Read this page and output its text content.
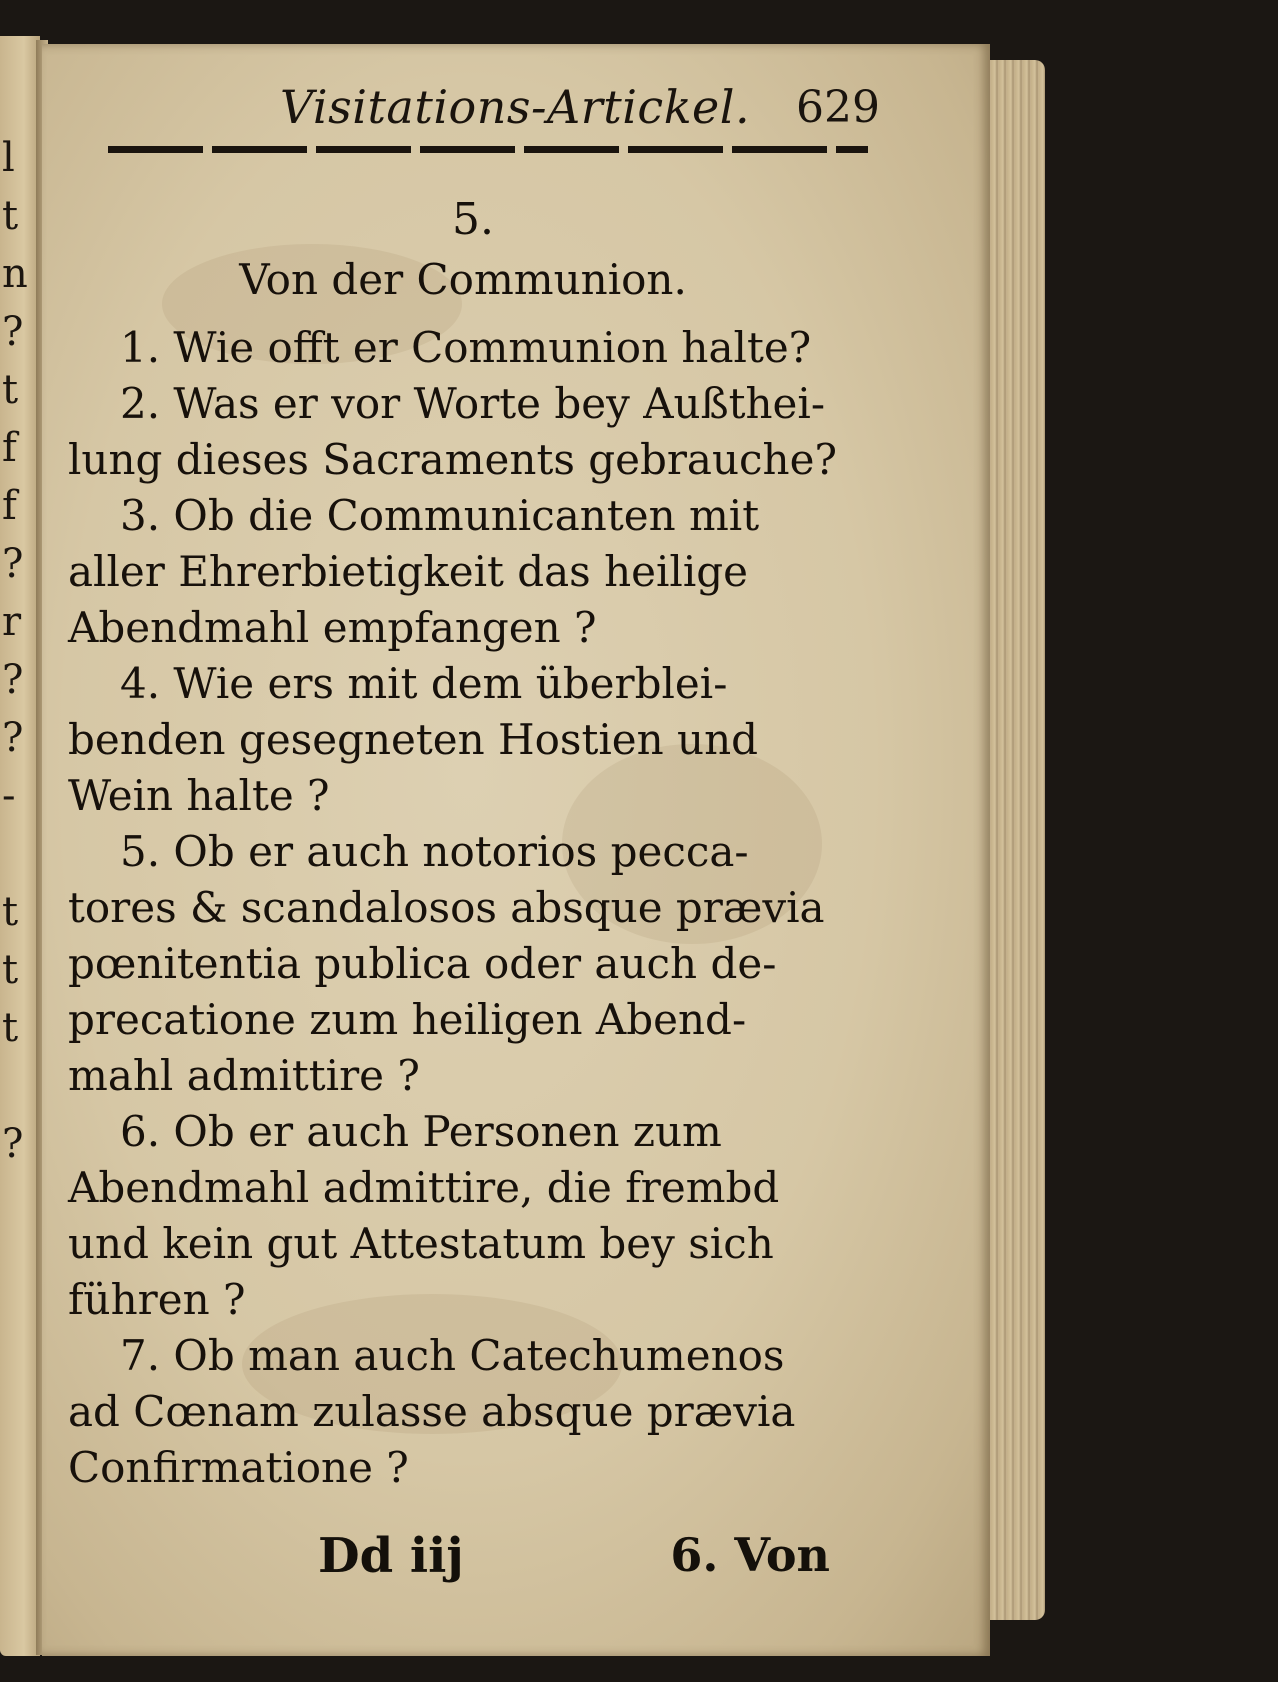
l
t
n
?
t
f
f
?
r
?
?
-
t
t
t
?
Visitations-Artickel. 629
5.
Von der Communion.
1. Wie offt er Communion halte?
2. Was er vor Worte bey Außthei-
lung dieses Sacraments gebrauche?
3. Ob die Communicanten mit
aller Ehrerbietigkeit das heilige
Abendmahl empfangen ?
4. Wie ers mit dem überblei-
benden gesegneten Hostien und
Wein halte ?
5. Ob er auch notorios pecca-
tores & scandalosos absque prævia
pœnitentia publica oder auch de-
precatione zum heiligen Abend-
mahl admittire ?
6. Ob er auch Personen zum
Abendmahl admittire, die frembd
und kein gut Attestatum bey sich
führen ?
7. Ob man auch Catechumenos
ad Cœnam zulasse absque prævia
Confirmatione ?
Dd iij	6. Von
